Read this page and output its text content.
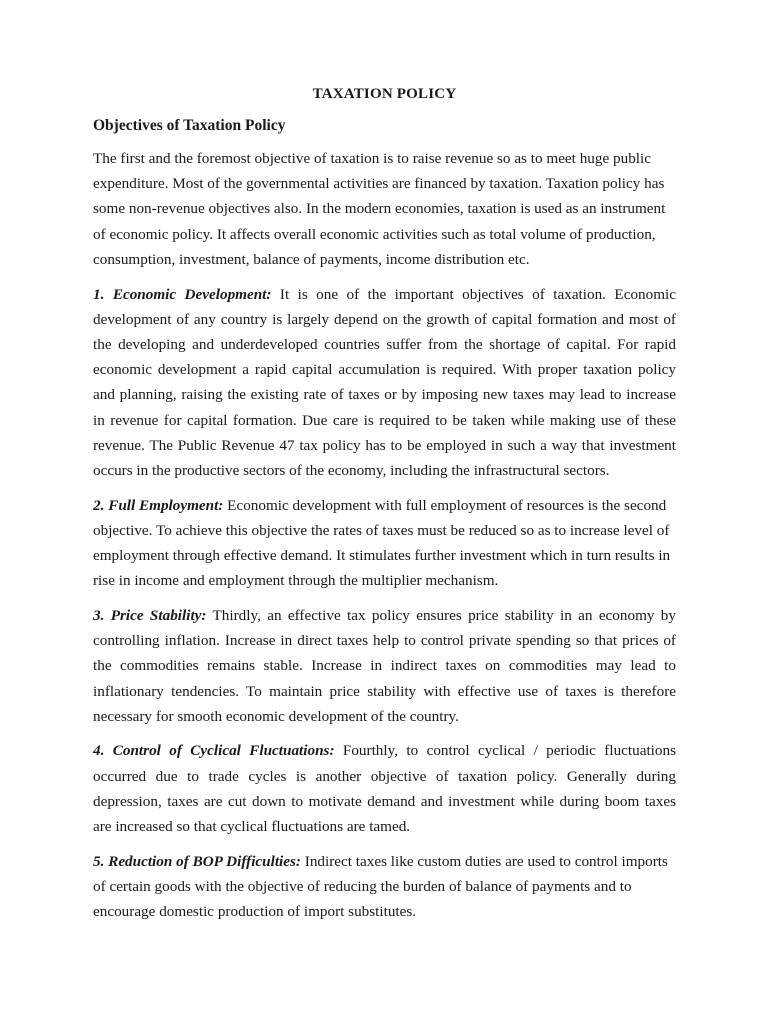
TAXATION POLICY
Objectives of Taxation Policy

The first and the foremost objective of taxation is to raise revenue so as to meet huge public expenditure. Most of the governmental activities are financed by taxation. Taxation policy has some non-revenue objectives also. In the modern economies, taxation is used as an instrument of economic policy. It affects overall economic activities such as total volume of production, consumption, investment, balance of payments, income distribution etc.

1. Economic Development: It is one of the important objectives of taxation. Economic development of any country is largely depend on the growth of capital formation and most of the developing and underdeveloped countries suffer from the shortage of capital. For rapid economic development a rapid capital accumulation is required. With proper taxation policy and planning, raising the existing rate of taxes or by imposing new taxes may lead to increase in revenue for capital formation. Due care is required to be taken while making use of these revenue. The Public Revenue 47 tax policy has to be employed in such a way that investment occurs in the productive sectors of the economy, including the infrastructural sectors.

2. Full Employment: Economic development with full employment of resources is the second objective. To achieve this objective the rates of taxes must be reduced so as to increase level of employment through effective demand. It stimulates further investment which in turn results in rise in income and employment through the multiplier mechanism.

3. Price Stability: Thirdly, an effective tax policy ensures price stability in an economy by controlling inflation. Increase in direct taxes help to control private spending so that prices of the commodities remains stable. Increase in indirect taxes on commodities may lead to inflationary tendencies. To maintain price stability with effective use of taxes is therefore necessary for smooth economic development of the country.

4. Control of Cyclical Fluctuations: Fourthly, to control cyclical / periodic fluctuations occurred due to trade cycles is another objective of taxation policy. Generally during depression, taxes are cut down to motivate demand and investment while during boom taxes are increased so that cyclical fluctuations are tamed.

5. Reduction of BOP Difficulties: Indirect taxes like custom duties are used to control imports of certain goods with the objective of reducing the burden of balance of payments and to encourage domestic production of import substitutes.
